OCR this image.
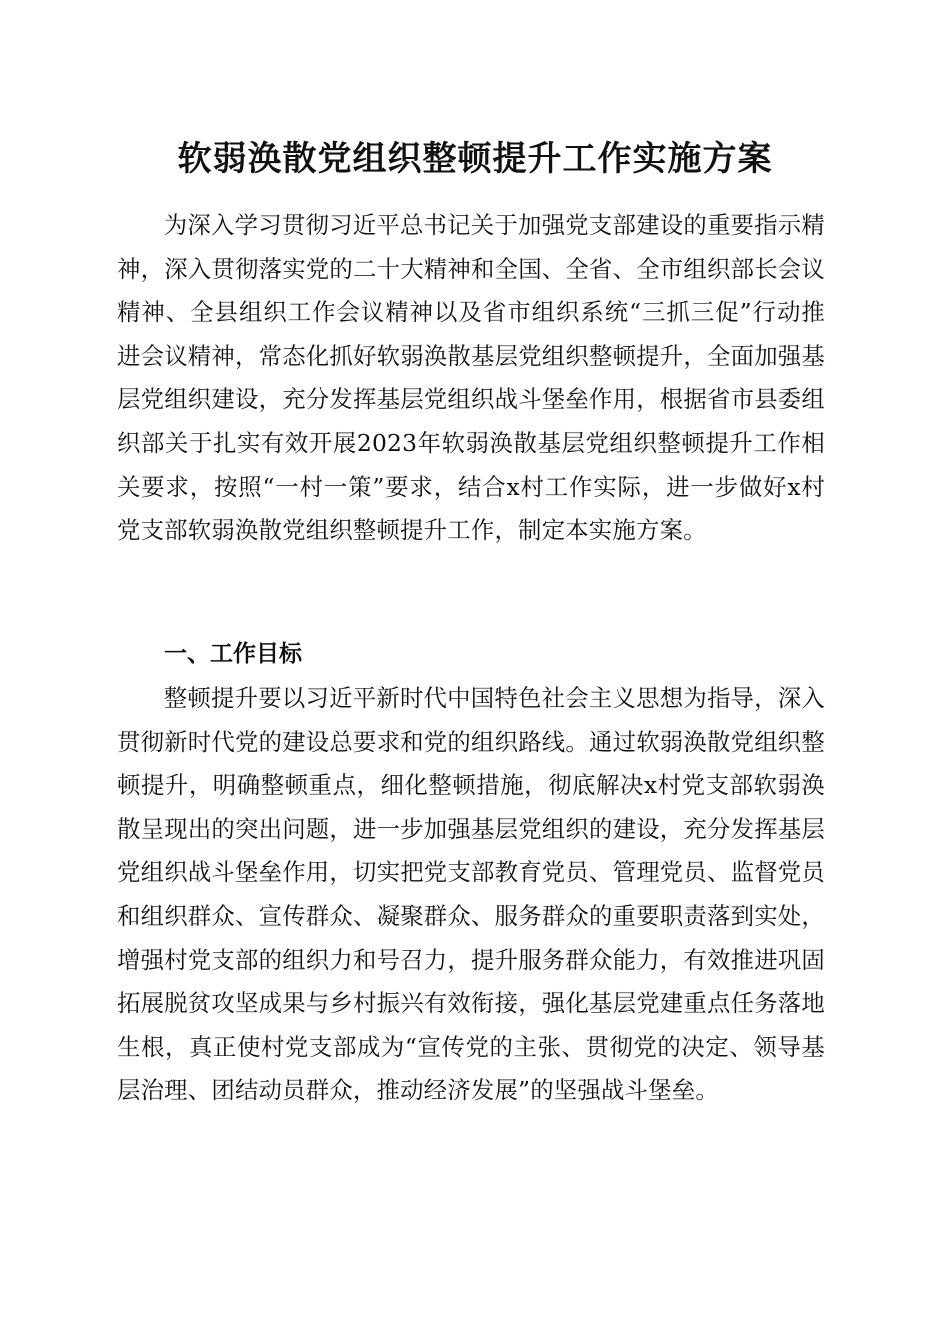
软弱涣散党组织整顿提升工作实施方案

为深入学习贯彻习近平总书记关于加强党支部建设的重要指示精神，深入贯彻落实党的二十大精神和全国、全省、全市组织部长会议精神、全县组织工作会议精神以及省市组织系统“三抓三促”行动推进会议精神，常态化抓好软弱涣散基层党组织整顿提升，全面加强基层党组织建设，充分发挥基层党组织战斗堡垒作用，根据省市县委组织部关于扎实有效开展2023年软弱涣散基层党组织整顿提升工作相关要求，按照“一村一策”要求，结合x村工作实际，进一步做好x村党支部软弱涣散党组织整顿提升工作，制定本实施方案。

一、工作目标

整顿提升要以习近平新时代中国特色社会主义思想为指导，深入贯彻新时代党的建设总要求和党的组织路线。通过软弱涣散党组织整顿提升，明确整顿重点，细化整顿措施，彻底解决x村党支部软弱涣散呈现出的突出问题，进一步加强基层党组织的建设，充分发挥基层党组织战斗堡垒作用，切实把党支部教育党员、管理党员、监督党员和组织群众、宣传群众、凝聚群众、服务群众的重要职责落到实处，增强村党支部的组织力和号召力，提升服务群众能力，有效推进巩固拓展脱贫攻坚成果与乡村振兴有效衔接，强化基层党建重点任务落地生根，真正使村党支部成为“宣传党的主张、贯彻党的决定、领导基层治理、团结动员群众，推动经济发展”的坚强战斗堡垒。
